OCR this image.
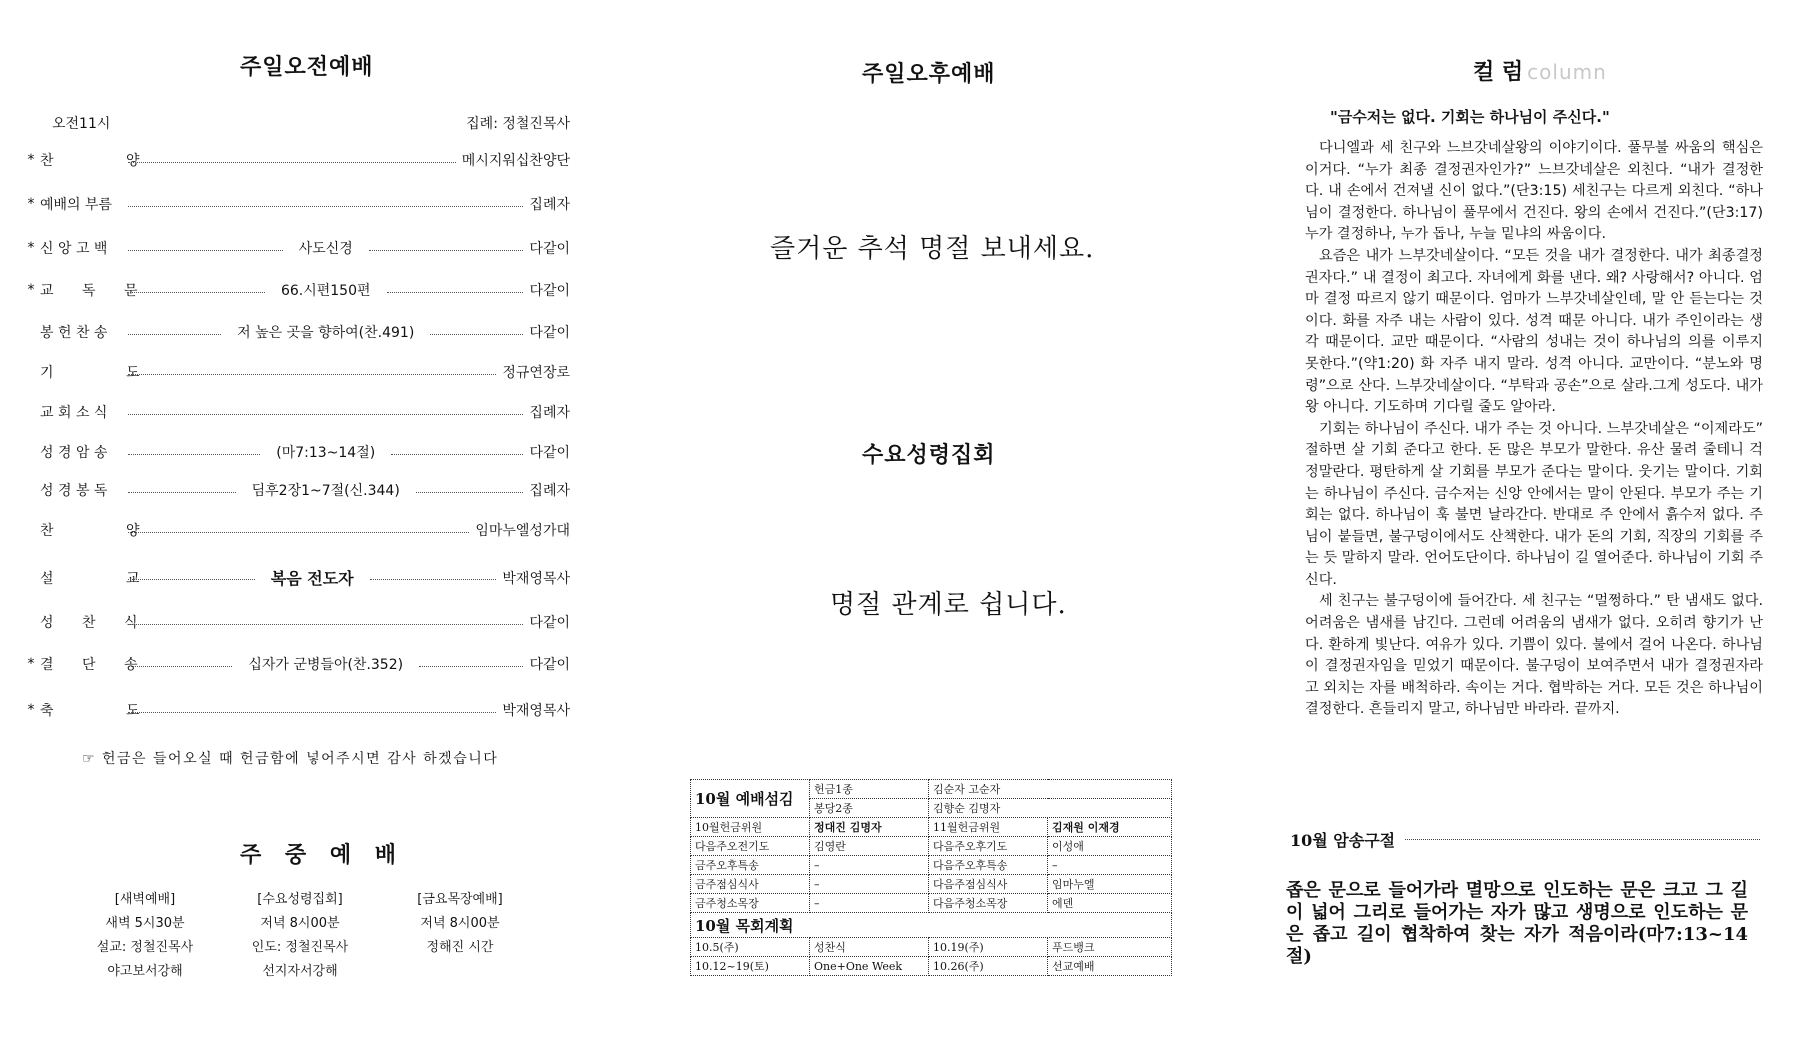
주일오전예배
오전11시	집례: 정철진목사
* 찬 양	메시지워십찬양단
* 예배의 부름	집례자
* 신 앙 고 백	사도신경	다같이
* 교 독 문	66.시편150편	다같이
봉 헌 찬 송	저 높은 곳을 향하여(찬.491)	다같이
기 도	정규연장로
교 회 소 식	집례자
성 경 암 송	(마7:13~14절)	다같이
성 경 봉 독	딤후2장1~7절(신.344)	집례자
찬 양	임마누엘성가대
설 교	복음 전도자	박재영목사
성 찬 식	다같이
* 결 단 송	십자가 군병들아(찬.352)	다같이
* 축 도	박재영목사
☞ 헌금은 들어오실 때 헌금함에 넣어주시면 감사 하겠습니다
주 중 예 배
[새벽예배]
새벽 5시30분
설교: 정철진목사
야고보서강해
[수요성령집회]
저녁 8시00분
인도: 정철진목사
선지자서강해
[금요목장예배]
저녁 8시00분
정해진 시간
주일오후예배
즐거운 추석 명절 보내세요.
수요성령집회
명절 관계로 쉽니다.
10월 예배섬김	헌금1종	김순자 고순자	
	봉당2종	김향순 김명자	
10월헌금위원	정대진 김명자	11월헌금위원	김재원 이재경
다음주오전기도	김영란	다음주오후기도	이성애
금주오후특송	–	다음주오후특송	–
금주점심식사	–	다음주점심식사	임마누엘
금주청소목장	–	다음주청소목장	에덴
10월 목회계획			
10.5(주)	성찬식	10.19(주)	푸드뱅크
10.12~19(토)	One+One Week	10.26(주)	선교예배
컬 럼 column
"금수저는 없다. 기회는 하나님이 주신다."

다니엘과 세 친구와 느브갓네살왕의 이야기이다. 풀무불 싸움의 핵심은 이거다. “누가 최종 결정권자인가?” 느브갓네살은 외친다. “내가 결정한다. 내 손에서 건져낼 신이 없다.”(단3:15) 세친구는 다르게 외친다. “하나님이 결정한다. 하나님이 풀무에서 건진다. 왕의 손에서 건진다.”(단3:17) 누가 결정하나, 누가 돕나, 누늘 밑냐의 싸움이다.

요즘은 내가 느부갓네살이다. “모든 것을 내가 결정한다. 내가 최종결정권자다.” 내 결정이 최고다. 자녀에게 화를 낸다. 왜? 사랑해서? 아니다. 엄마 결정 따르지 않기 때문이다. 엄마가 느부갓네살인데, 말 안 듣는다는 것이다. 화를 자주 내는 사람이 있다. 성격 때문 아니다. 내가 주인이라는 생각 때문이다. 교만 때문이다. “사람의 성내는 것이 하나님의 의를 이루지 못한다.”(약1:20) 화 자주 내지 말라. 성격 아니다. 교만이다. “분노와 명령”으로 산다. 느부갓네살이다. “부탁과 공손”으로 살라.그게 성도다. 내가 왕 아니다. 기도하며 기다릴 줄도 알아라.

기회는 하나님이 주신다. 내가 주는 것 아니다. 느부갓네살은 “이제라도” 절하면 살 기회 준다고 한다. 돈 많은 부모가 말한다. 유산 물려 줄테니 걱정말란다. 평탄하게 살 기회를 부모가 준다는 말이다. 웃기는 말이다. 기회는 하나님이 주신다. 금수저는 신앙 안에서는 말이 안된다. 부모가 주는 기회는 없다. 하나님이 훅 불면 날라간다. 반대로 주 안에서 흙수저 없다. 주님이 붙들면, 불구덩이에서도 산책한다. 내가 돈의 기회, 직장의 기회를 주는 듯 말하지 말라. 언어도단이다. 하나님이 길 열어준다. 하나님이 기회 주신다.

세 친구는 불구덩이에 들어간다. 세 친구는 “멀쩡하다.” 탄 냄새도 없다. 어려움은 냄새를 남긴다. 그런데 어려움의 냄새가 없다. 오히려 향기가 난다. 환하게 빛난다. 여유가 있다. 기쁨이 있다. 불에서 걸어 나온다. 하나님이 결정권자임을 믿었기 때문이다. 불구덩이 보여주면서 내가 결정권자라고 외치는 자를 배척하라. 속이는 거다. 협박하는 거다. 모든 것은 하나님이 결정한다. 흔들리지 말고, 하나님만 바라라. 끝까지.

10월 암송구절
좁은 문으로 들어가라 멸망으로 인도하는 문은 크고 그 길이 넓어 그리로 들어가는 자가 많고 생명으로 인도하는 문은 좁고 길이 협착하여 찾는 자가 적음이라(마7:13~14절)
